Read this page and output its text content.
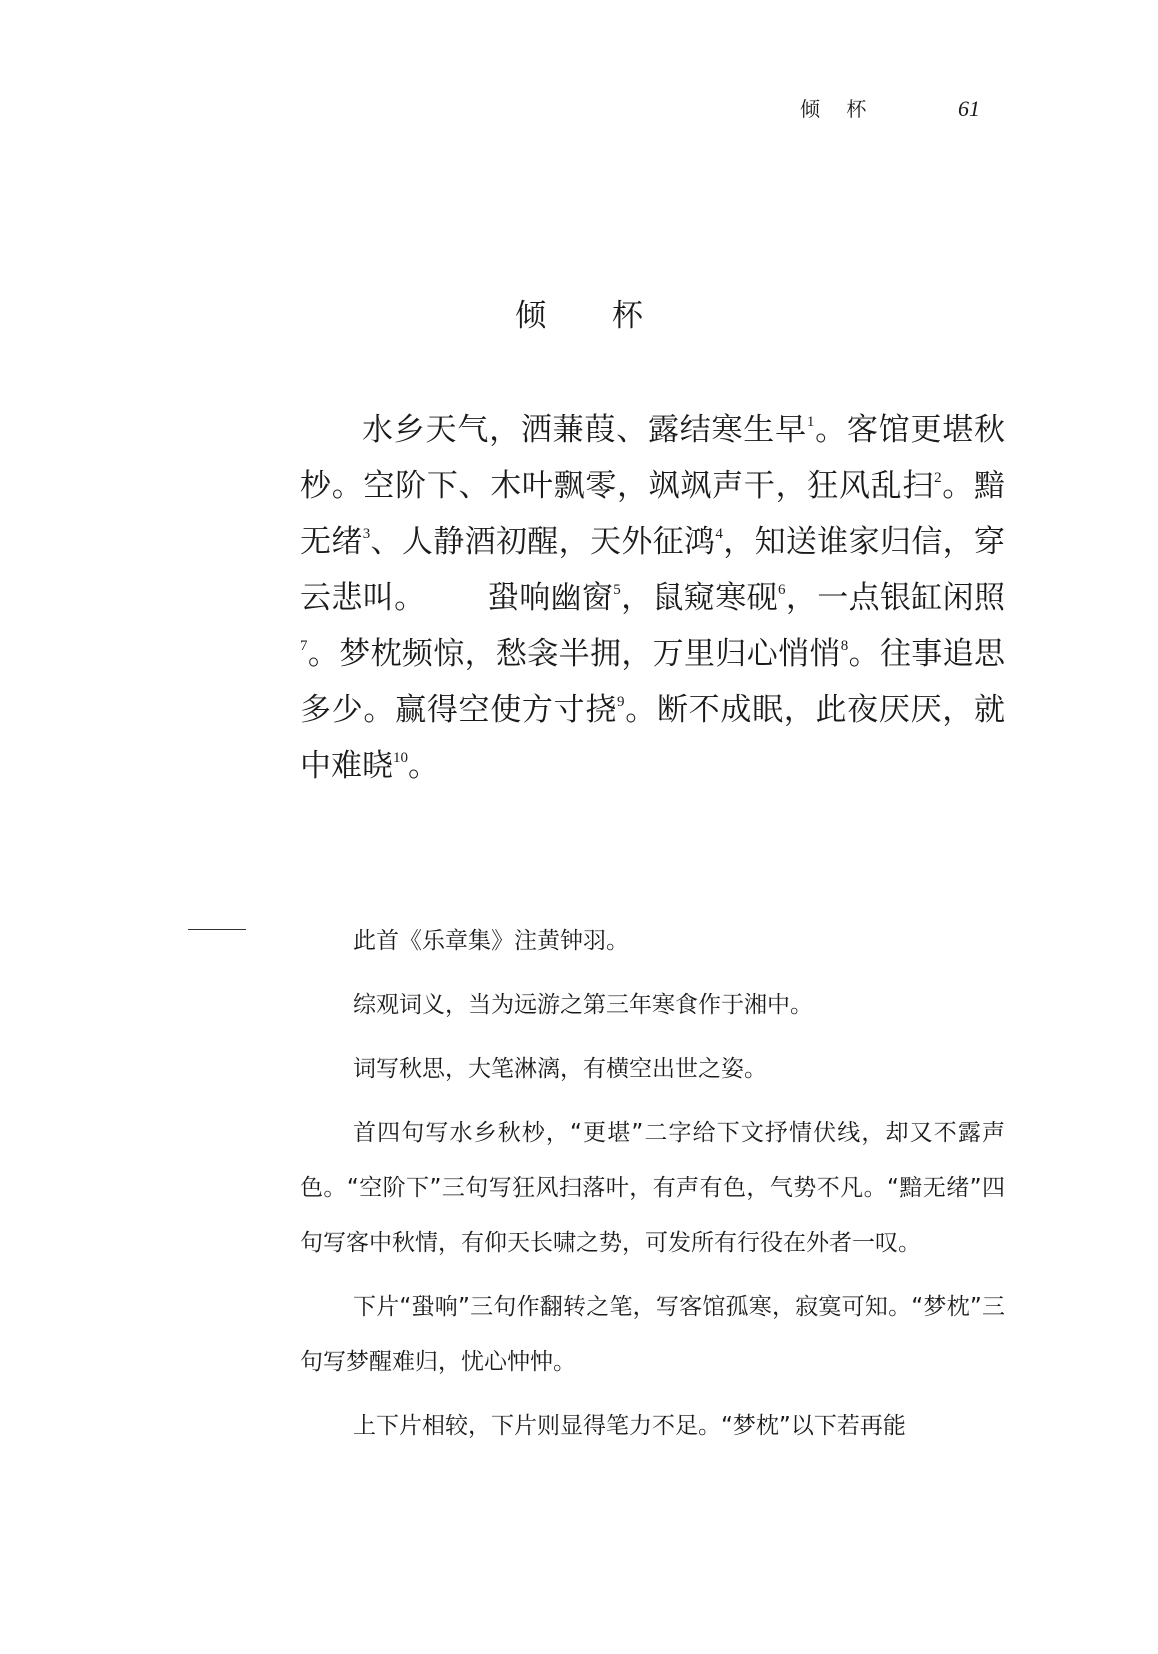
倾 杯	61
倾 杯

水乡天气，洒蒹葭、露结寒生早$^1$。客馆更堪秋杪。空阶下、木叶飘零，飒飒声干，狂风乱扫$^2$。黯无绪$^3$、人静酒初醒，天外征鸿$^4$，知送谁家归信，穿云悲叫。 蛩响幽窗$^5$，鼠窥寒砚$^6$，一点银缸闲照$^7$。梦枕频惊，愁衾半拥，万里归心悄悄$^8$。往事追思多少。赢得空使方寸挠$^9$。断不成眠，此夜厌厌，就中难晓$^{10}$。

此首《乐章集》注黄钟羽。

综观词义，当为远游之第三年寒食作于湘中。

词写秋思，大笔淋漓，有横空出世之姿。

首四句写水乡秋杪，“更堪”二字给下文抒情伏线，却又不露声色。“空阶下”三句写狂风扫落叶，有声有色，气势不凡。“黯无绪”四句写客中秋情，有仰天长啸之势，可发所有行役在外者一叹。

下片“蛩响”三句作翻转之笔，写客馆孤寒，寂寞可知。“梦枕”三句写梦醒难归，忧心忡忡。

上下片相较，下片则显得笔力不足。“梦枕”以下若再能
